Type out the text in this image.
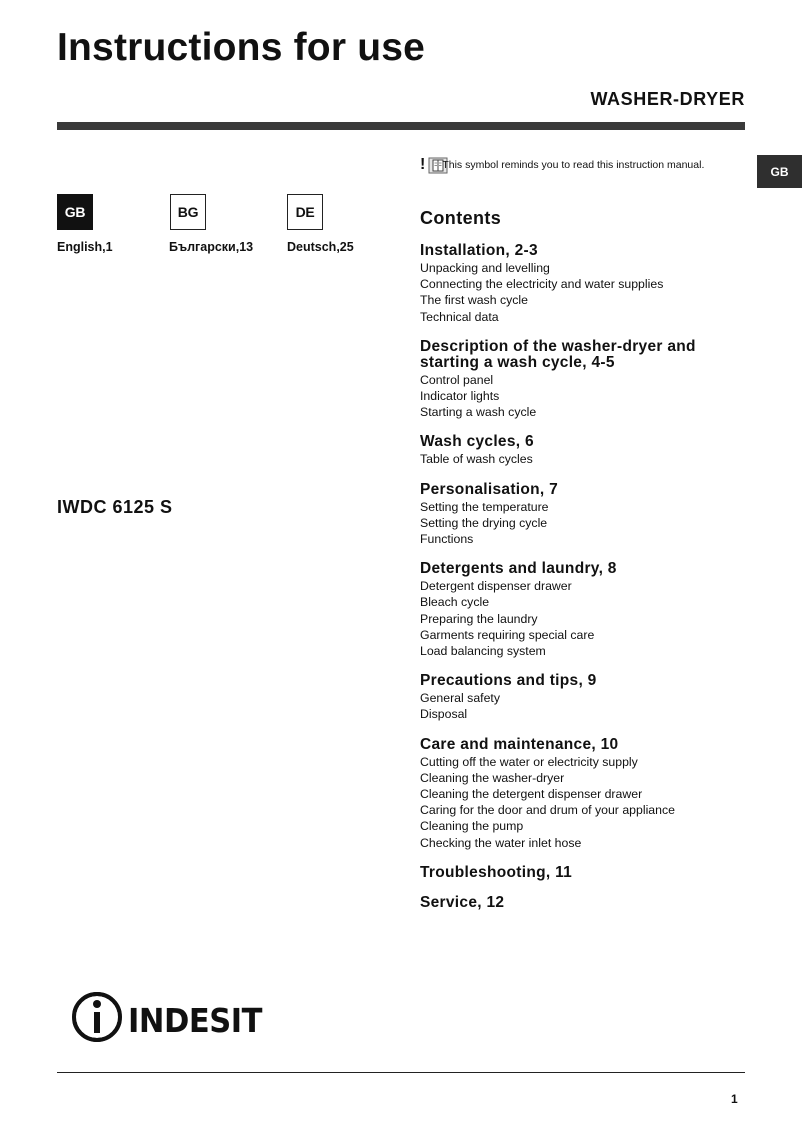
Instructions for use
WASHER-DRYER
GB
GB	BG	DE
English,1	Български,13	Deutsch,25
IWDC 6125 S
! This symbol reminds you to read this instruction manual.
Contents
Installation, 2-3
Unpacking and levelling
Connecting the electricity and water supplies
The first wash cycle
Technical data
Description of the washer-dryer and starting a wash cycle, 4-5
Control panel
Indicator lights
Starting a wash cycle
Wash cycles, 6
Table of wash cycles
Personalisation, 7
Setting the temperature
Setting the drying cycle
Functions
Detergents and laundry, 8
Detergent dispenser drawer
Bleach cycle
Preparing the laundry
Garments requiring special care
Load balancing system
Precautions and tips, 9
General safety
Disposal
Care and maintenance, 10
Cutting off the water or electricity supply
Cleaning the washer-dryer
Cleaning the detergent dispenser drawer
Caring for the door and drum of your appliance
Cleaning the pump
Checking the water inlet hose
Troubleshooting, 11
Service, 12
INDESIT
1
